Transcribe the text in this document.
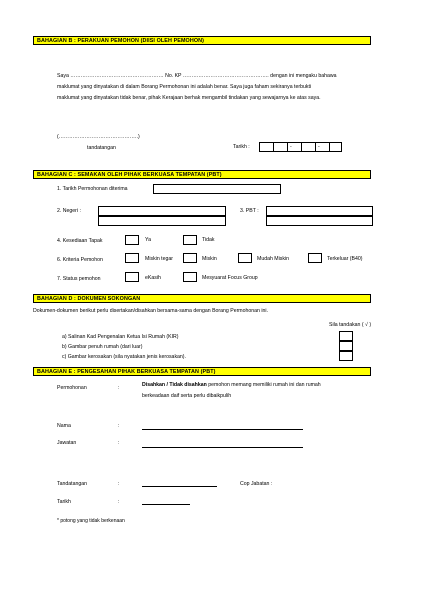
BAHAGIAN B : PERAKUAN PEMOHON (DIISI OLEH PEMOHON)
Saya ……………………………………………… No. KP ………………………………………….. dengan ini mengaku bahawa
maklumat yang dinyatakan di dalam Borang Permohonan ini adalah benar. Saya juga faham sekiranya terbukti
maklumat yang dinyatakan tidak benar, pihak Kerajaan berhak mengambil tindakan yang sewajarnya ke atas saya.
(……………………………………….)
tandatangan	Tarikh :	-	-
BAHAGIAN C : SEMAKAN OLEH PIHAK BERKUASA TEMPATAN (PBT)
1. Tarikh Permohonan diterima
2. Negeri :	3. PBT :
4. Kesediaan Tapak	Ya	Tidak
6. Kriteria Pemohon	Miskin tegar	Miskin	Mudah Miskin	Terkeluar (B40)
7. Status pemohon	eKasih	Mesyuarat Focus Group
BAHAGIAN D : DOKUMEN SOKONGAN
Dokumen-dokumen berikut perlu disertakan/disahkan bersama-sama dengan Borang Permohonan ini.
Sila tandakan ( √ )
a) Salinan Kad Pengenalan Ketua Isi Rumah (KIR)
b) Gambar penuh rumah (dari luar)
c) Gambar kerosakan (sila nyatakan jenis kerosakan).
BAHAGIAN E : PENGESAHAN PIHAK BERKUASA TEMPATAN (PBT)
Permohonan	:	Disahkan / Tidak disahkan pemohon memang memiliki rumah ini dan rumah
berkeadaan daif serta perlu dibaikpulih
Nama	:
Jawatan	:
Tandatangan	:	Cop Jabatan :
Tarikh	:
* potong yang tidak berkenaan
